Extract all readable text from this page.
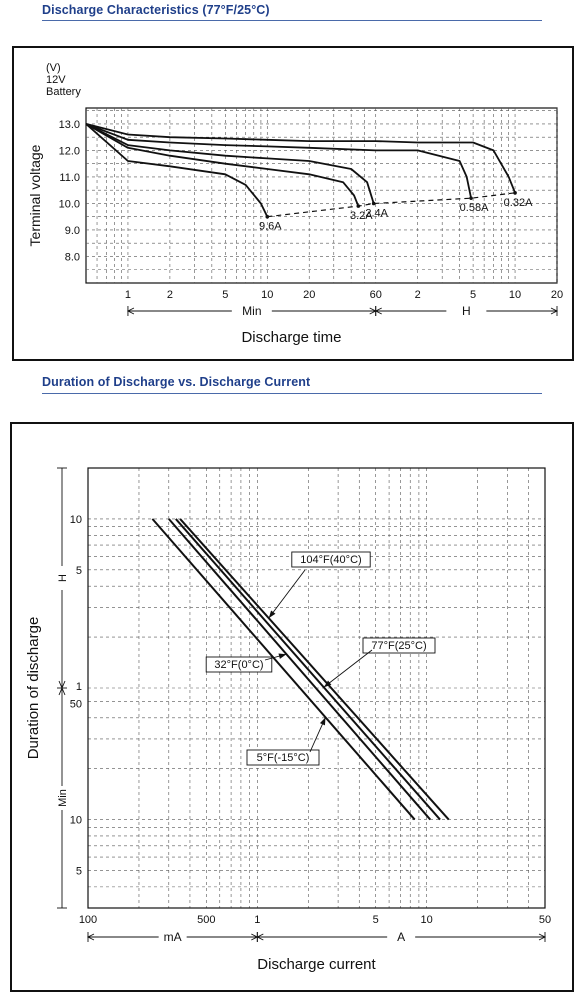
Discharge Characteristics (77°F/25°C)
13.0
12.0
11.0
10.0
9.0
8.0
1	2	5	10	20	60	2	5	10	20
(V)
12V
Battery
Terminal voltage
Min	H
Discharge time
9.6A
3.2A
2.4A	0.58A 0.32A
Duration of Discharge vs. Discharge Current
10
5
1
50
10
5
H
Min
Duration of discharge
100	500	1	5	10	50
mA	A
Discharge current
104°F(40°C)
77°F(25°C)
32°F(0°C)
5°F(-15°C)
